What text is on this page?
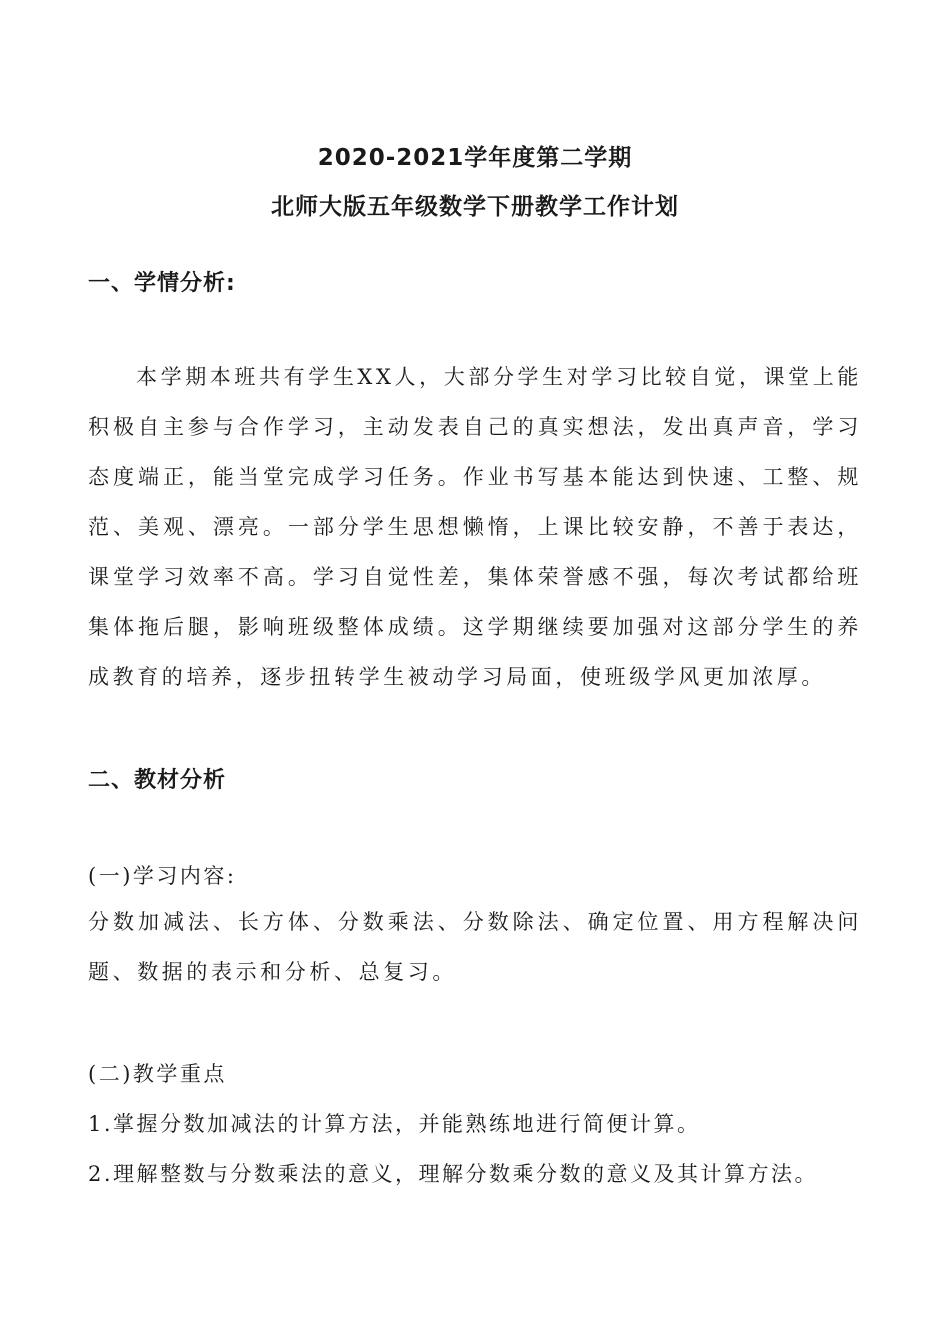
2020-2021学年度第二学期
北师大版五年级数学下册教学工作计划
一、学情分析:
本学期本班共有学生XX人，大部分学生对学习比较自觉，课堂上能积极自主参与合作学习，主动发表自己的真实想法，发出真声音，学习态度端正，能当堂完成学习任务。作业书写基本能达到快速、工整、规范、美观、漂亮。一部分学生思想懒惰，上课比较安静，不善于表达，课堂学习效率不高。学习自觉性差，集体荣誉感不强，每次考试都给班集体拖后腿，影响班级整体成绩。这学期继续要加强对这部分学生的养成教育的培养，逐步扭转学生被动学习局面，使班级学风更加浓厚。
二、教材分析
(一)学习内容:
分数加减法、长方体、分数乘法、分数除法、确定位置、用方程解决问题、数据的表示和分析、总复习。
(二)教学重点
1.掌握分数加减法的计算方法，并能熟练地进行简便计算。
2.理解整数与分数乘法的意义，理解分数乘分数的意义及其计算方法。
